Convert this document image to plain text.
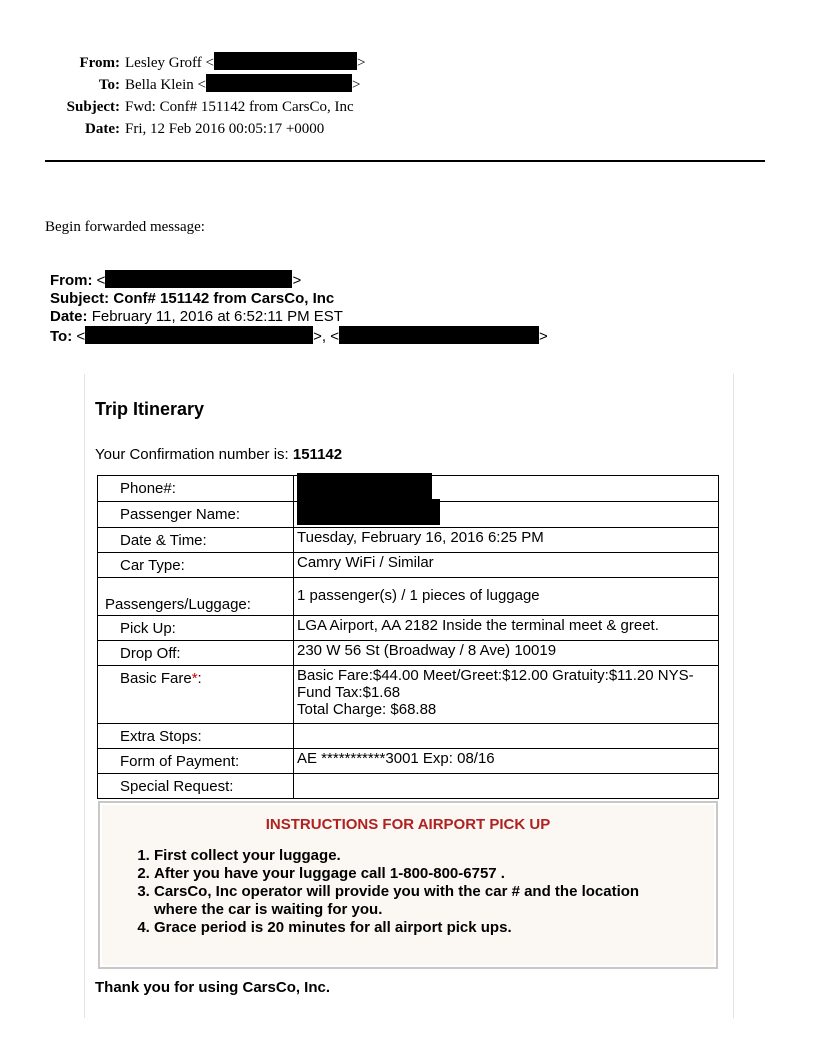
From: Lesley Groff <	>
To: Bella Klein <	>
Subject: Fwd: Conf# 151142 from CarsCo, Inc
Date: Fri, 12 Feb 2016 00:05:17 +0000
Begin forwarded message:
From: <	>
Subject: Conf# 151142 from CarsCo, Inc
Date: February 11, 2016 at 6:52:11 PM EST
To: <	>, <	>
Trip Itinerary
Your Confirmation number is: 151142
Phone#:	
Passenger Name:	
Date & Time:	Tuesday, February 16, 2016 6:25 PM
Car Type:	Camry WiFi / Similar
Passengers/Luggage:	1 passenger(s) / 1 pieces of luggage
Pick Up:	LGA Airport, AA 2182 Inside the terminal meet & greet.
Drop Off:	230 W 56 St (Broadway / 8 Ave) 10019
Basic Fare*:	Basic Fare:$44.00 Meet/Greet:$12.00 Gratuity:$11.20 NYS-Fund Tax:$1.68
Total Charge: $68.88

Extra Stops:	
Form of Payment:	AE ***********3001 Exp: 08/16
Special Request:	
INSTRUCTIONS FOR AIRPORT PICK UP
1. First collect your luggage.
2. After you have your luggage call 1-800-800-6757 .
3. CarsCo, Inc operator will provide you with the car # and the location where the car is waiting for you.
4. Grace period is 20 minutes for all airport pick ups.
Thank you for using CarsCo, Inc.
